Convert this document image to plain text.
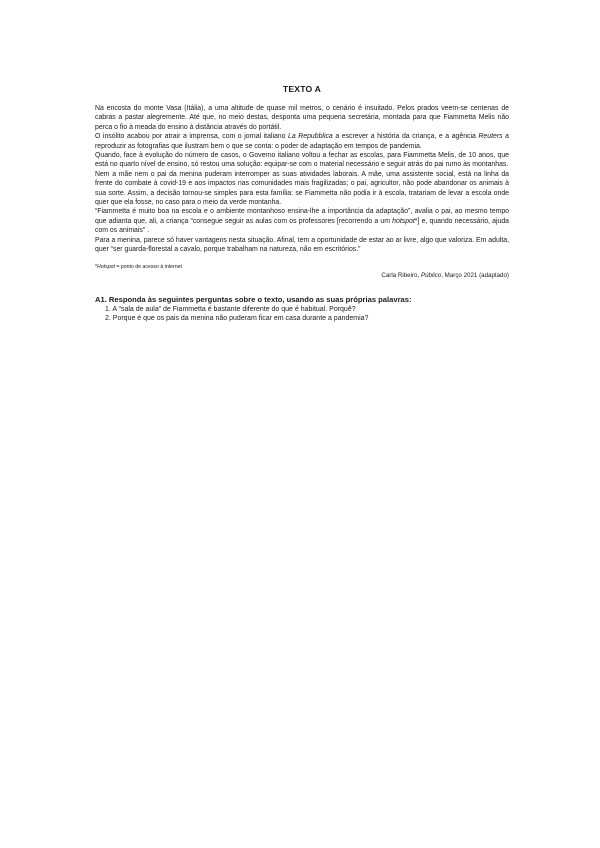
TEXTO A
Na encosta do monte Vasa (Itália), a uma altitude de quase mil metros, o cenário é insuitado. Pelos prados veem-se centenas de cabras a pastar alegremente. Até que, no meio destas, desponta uma pequena secretária, montada para que Fiammetta Melis não perca o fio à meada do ensino à distância através do portátil.
O insólito acabou por atrair a imprensa, com o jornal italiano La Repubblica a escrever a história da criança, e a agência Reuters a reproduzir as fotografias que ilustram bem o que se conta: o poder de adaptação em tempos de pandemia.
Quando, face à evolução do número de casos, o Governo italiano voltou a fechar as escolas, para Fiammetta Melis, de 10 anos, que está no quarto nível de ensino, só restou uma solução: equipar-se com o material necessário e seguir atrás do pai rumo às montanhas.
Nem a mãe nem o pai da menina puderam interromper as suas atividades laborais. A mãe, uma assistente social, está na linha da frente do combate à covid-19 e aos impactos nas comunidades mais fragilizadas; o pai, agricultor, não pode abandonar os animais à sua sorte. Assim, a decisão tornou-se simples para esta família: se Fiammetta não podia ir à escola, tratariam de levar a escola onde quer que ela fosse, no caso para o meio da verde montanha.
“Fiammetta é muito boa na escola e o ambiente montanhoso ensina-lhe a importância da adaptação”, avalia o pai, ao mesmo tempo que adianta que, ali, a criança “consegue seguir as aulas com os professores [recorrendo a um hotspot*] e, quando necessário, ajuda com os animais” .
Para a menina, parece só haver vantagens nesta situação. Afinal, tem a oportunidade de estar ao ar livre, algo que valoriza. Em adulta, quer “ser guarda-florestal a cavalo, porque trabalham na natureza, não em escritórios.”
*Hotspot = ponto de acesso à internet
Carla Ribeiro, Público, Março 2021 (adaptado)

A1. Responda às seguintes perguntas sobre o texto, usando as suas próprias palavras:

1. A “sala de aula” de Fiammetta é bastante diferente do que é habitual. Porquê?
2. Porque é que os pais da menina não puderam ficar em casa durante a pandemia?
